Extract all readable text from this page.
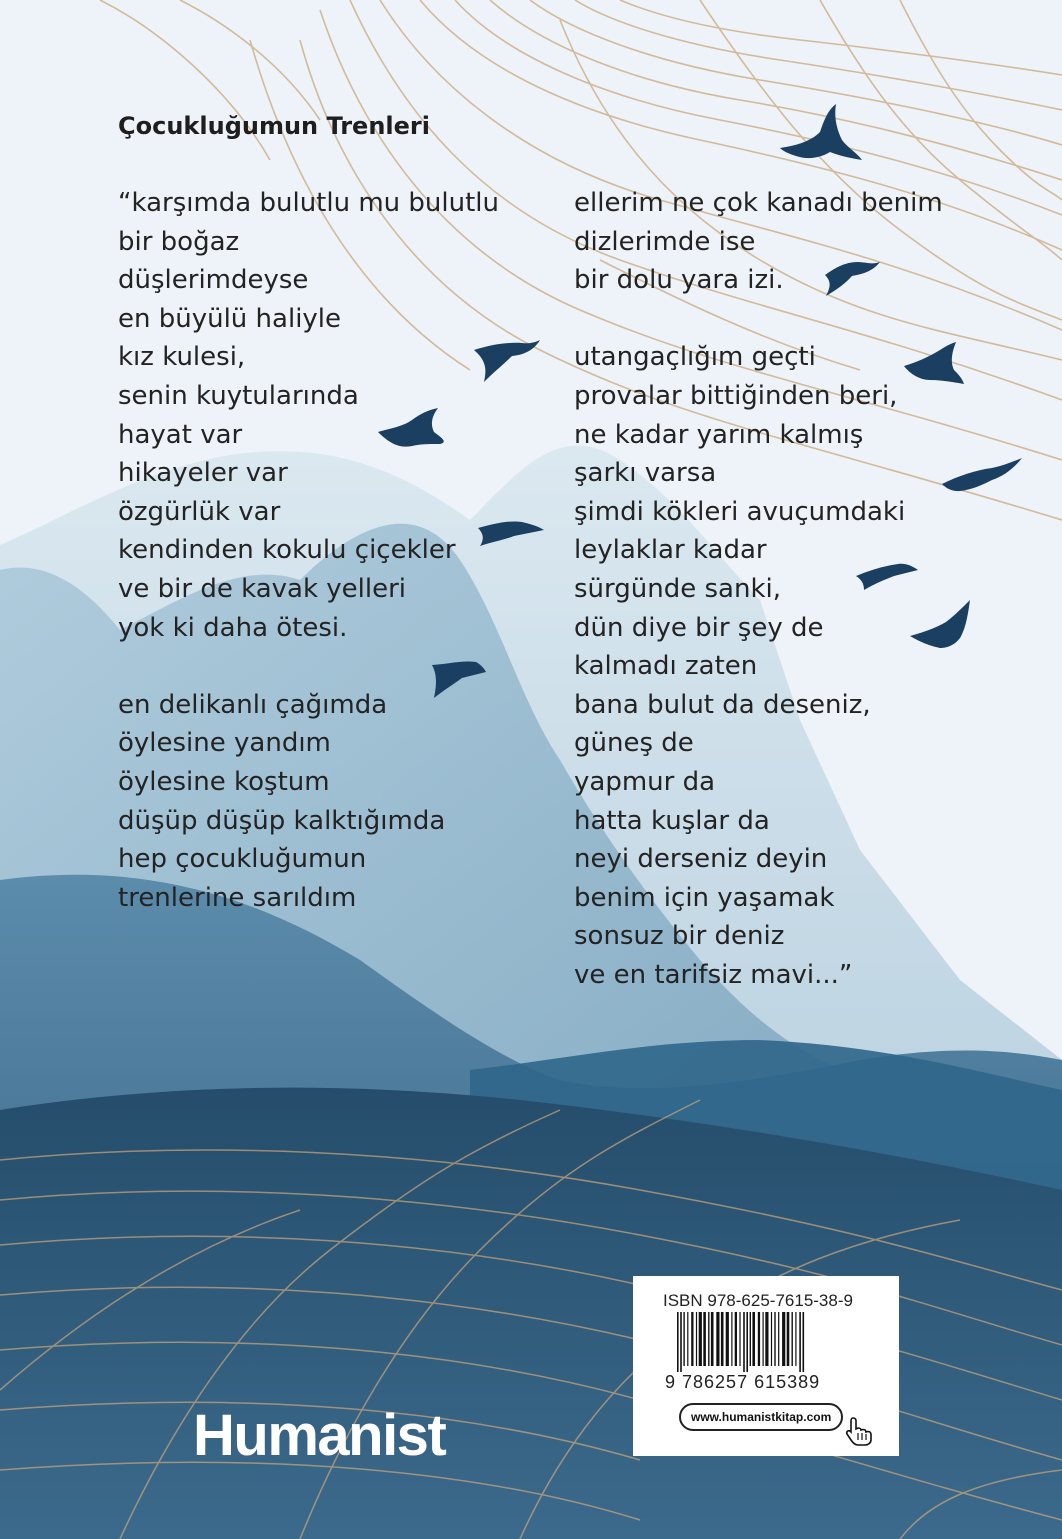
Çocukluğumun Trenleri
“karşımda bulutlu mu bulutlu
bir boğaz
düşlerimdeyse
en büyülü haliyle
kız kulesi,
senin kuytularında
hayat var
hikayeler var
özgürlük var
kendinden kokulu çiçekler
ve bir de kavak yelleri
yok ki daha ötesi.
en delikanlı çağımda
öylesine yandım
öylesine koştum
düşüp düşüp kalktığımda
hep çocukluğumun
trenlerine sarıldım
ellerim ne çok kanadı benim
dizlerimde ise
bir dolu yara izi.
utangaçlığım geçti
provalar bittiğinden beri,
ne kadar yarım kalmış
şarkı varsa
şimdi kökleri avuçumdaki
leylaklar kadar
sürgünde sanki,
dün diye bir şey de
kalmadı zaten
bana bulut da deseniz,
güneş de
yapmur da
hatta kuşlar da
neyi derseniz deyin
benim için yaşamak
sonsuz bir deniz
ve en tarifsiz mavi...”
Humanist
ISBN 978-625-7615-38-9
9 786257 615389
www.humanistkitap.com
